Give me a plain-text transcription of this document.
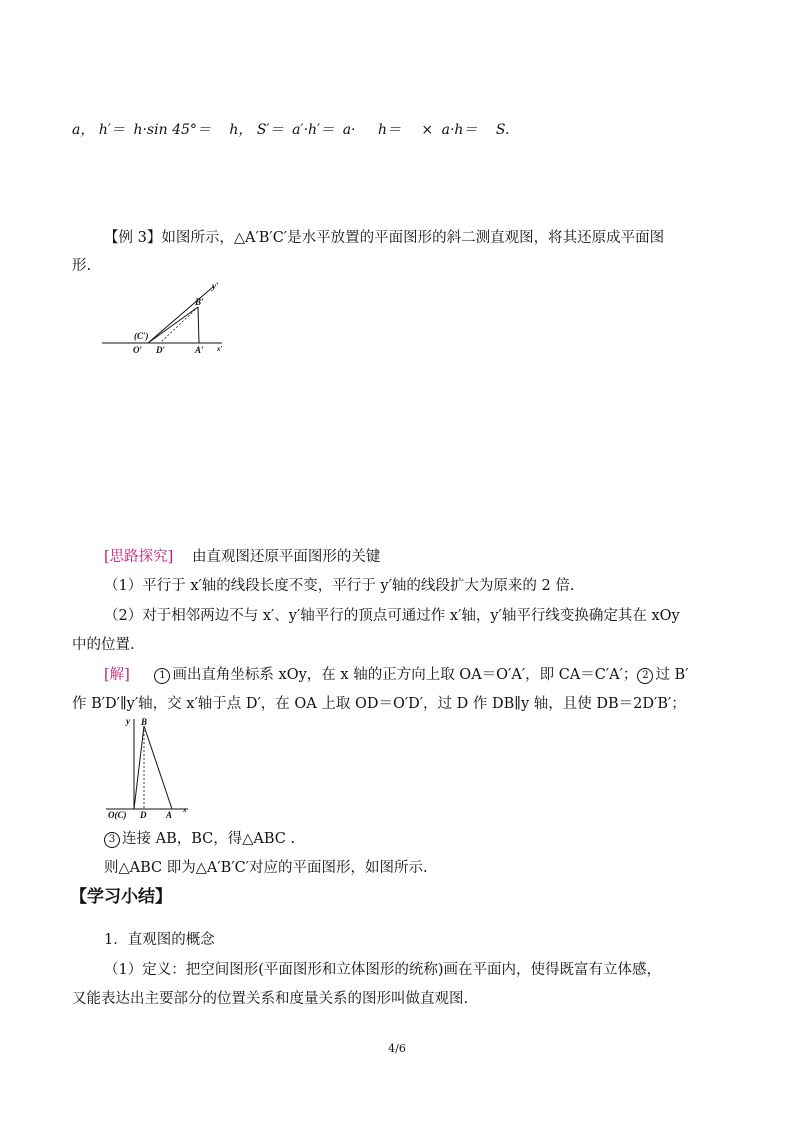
a， h′＝ h·sin 45°＝ h， S′＝ a′·h′＝ a· h＝ × a·h＝ S.
【例 3】如图所示，△A′B′C′是水平放置的平面图形的斜二测直观图，将其还原成平面图
形.
y′
B′
(C′)
O′ D′	A′ x′
[思路探究] 由直观图还原平面图形的关键
（1）平行于 x′轴的线段长度不变，平行于 y′轴的线段扩大为原来的 2 倍.
（2）对于相邻两边不与 x′、y′轴平行的顶点可通过作 x′轴，y′轴平行线变换确定其在 xOy
中的位置.
[解]	1 画出直角坐标系 xOy，在 x 轴的正方向上取 OA＝O′A′，即 CA＝C′A′； 2 过 B′
作 B′D′∥y′轴，交 x′轴于点 D′，在 OA 上取 OD＝O′D′，过 D 作 DB∥y 轴，且使 DB＝2D′B′；
y B
O(C) D A x
3 连接 AB，BC，得△ABC .
则△ABC 即为△A′B′C′对应的平面图形，如图所示.
【学习小结】
1．直观图的概念
（1）定义：把空间图形(平面图形和立体图形的统称)画在平面内，使得既富有立体感，
又能表达出主要部分的位置关系和度量关系的图形叫做直观图.
4/6
